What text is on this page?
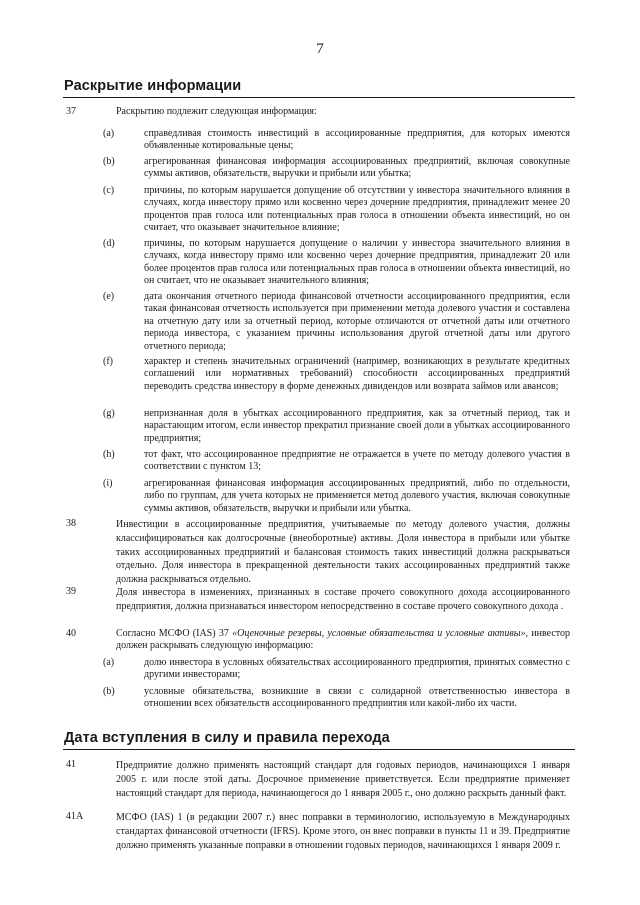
7
Раскрытие информации
37	Раскрытию подлежит следующая информация:

(a)	справедливая стоимость инвестиций в ассоциированные предприятия, для которых имеются объявленные котировальные цены;

(b)	агрегированная финансовая информация ассоциированных предприятий, включая совокупные суммы активов, обязательств, выручки и прибыли или убытка;

(c)	причины, по которым нарушается допущение об отсутствии у инвестора значительного влияния в случаях, когда инвестору прямо или косвенно через дочерние предприятия, принадлежит менее 20 процентов прав голоса или потенциальных прав голоса в отношении объекта инвестиций, но он считает, что оказывает значительное влияние;

(d)	причины, по которым нарушается допущение о наличии у инвестора значительного влияния в случаях, когда инвестору прямо или косвенно через дочерние предприятия, принадлежит 20 или более процентов прав голоса или потенциальных прав голоса в отношении объекта инвестиций, но он считает, что не оказывает значительного влияния;

(e)	дата окончания отчетного периода финансовой отчетности ассоциированного предприятия, если такая финансовая отчетность используется при применении метода долевого участия и составлена на отчетную дату или за отчетный период, которые отличаются от отчетной даты или отчетного периода инвестора, с указанием причины использования другой отчетной даты или другого отчетного периода;

(f)	характер и степень значительных ограничений (например, возникающих в результате кредитных соглашений или нормативных требований) способности ассоциированных предприятий переводить средства инвестору в форме денежных дивидендов или возврата займов или авансов;

(g)	непризнанная доля в убытках ассоциированного предприятия, как за отчетный период, так и нарастающим итогом, если инвестор прекратил признание своей доли в убытках ассоциированного предприятия;

(h)	тот факт, что ассоциированное предприятие не отражается в учете по методу долевого участия в соответствии с пунктом 13;

(i)	агрегированная финансовая информация ассоциированных предприятий, либо по отдельности, либо по группам, для учета которых не применяется метод долевого участия, включая совокупные суммы активов, обязательств, выручки и прибыли или убытка.

38	Инвестиции в ассоциированные предприятия, учитываемые по методу долевого участия, должны классифицироваться как долгосрочные (внеоборотные) активы. Доля инвестора в прибыли или убытке таких ассоциированных предприятий и балансовая стоимость таких инвестиций должна раскрываться отдельно. Доля инвестора в прекращенной деятельности таких ассоциированных предприятий также должна раскрываться отдельно.

39	Доля инвестора в изменениях, признанных в составе прочего совокупного дохода ассоциированного предприятия, должна признаваться инвестором непосредственно в составе прочего совокупного дохода .

40	Согласно МСФО (IAS) 37 «Оценочные резервы, условные обязательства и условные активы», инвестор должен раскрывать следующую информацию:

(a)	долю инвестора в условных обязательствах ассоциированного предприятия, принятых совместно с другими инвесторами;

(b)	условные обязательства, возникшие в связи с солидарной ответственностью инвестора в отношении всех обязательств ассоциированного предприятия или какой-либо их части.

Дата вступления в силу и правила перехода
41	Предприятие должно применять настоящий стандарт для годовых периодов, начинающихся 1 января 2005 г. или после этой даты. Досрочное применение приветствуется. Если предприятие применяет настоящий стандарт для периода, начинающегося до 1 января 2005 г., оно должно раскрыть данный факт.

41A	МСФО (IAS) 1 (в редакции 2007 г.) внес поправки в терминологию, используемую в Международных стандартах финансовой отчетности (IFRS). Кроме этого, он внес поправки в пункты 11 и 39. Предприятие должно применять указанные поправки в отношении годовых периодов, начинающихся 1 января 2009 г.
